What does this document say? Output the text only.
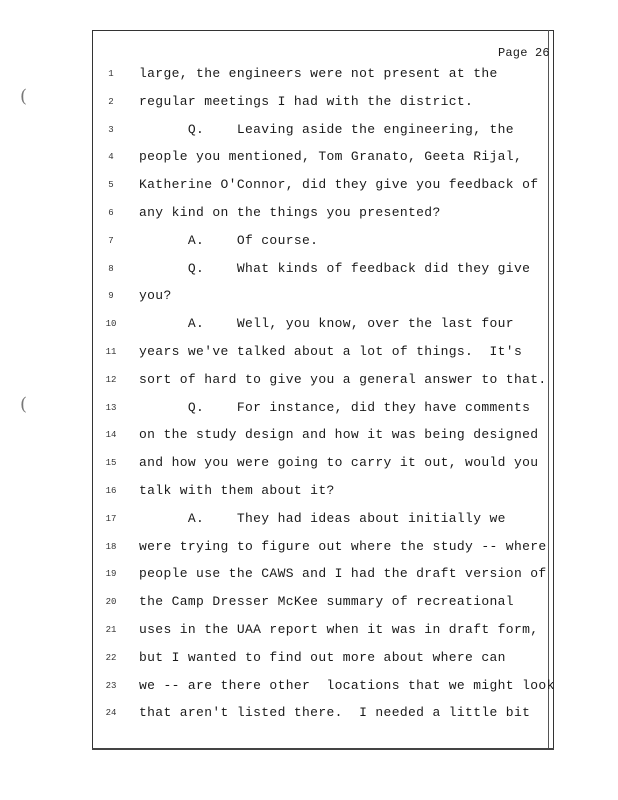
(
(
Page 26
1	large, the engineers were not present at the
2	regular meetings I had with the district.
3	Q.    Leaving aside the engineering, the
4	people you mentioned, Tom Granato, Geeta Rijal,
5	Katherine O'Connor, did they give you feedback of
6	any kind on the things you presented?
7	A.    Of course.
8	Q.    What kinds of feedback did they give
9	you?
10	A.    Well, you know, over the last four
11	years we've talked about a lot of things.  It's
12	sort of hard to give you a general answer to that.
13	Q.    For instance, did they have comments
14	on the study design and how it was being designed
15	and how you were going to carry it out, would you
16	talk with them about it?
17	A.    They had ideas about initially we
18	were trying to figure out where the study -- where
19	people use the CAWS and I had the draft version of
20	the Camp Dresser McKee summary of recreational
21	uses in the UAA report when it was in draft form,
22	but I wanted to find out more about where can
23	we -- are there other  locations that we might look
24	that aren't listed there.  I needed a little bit
